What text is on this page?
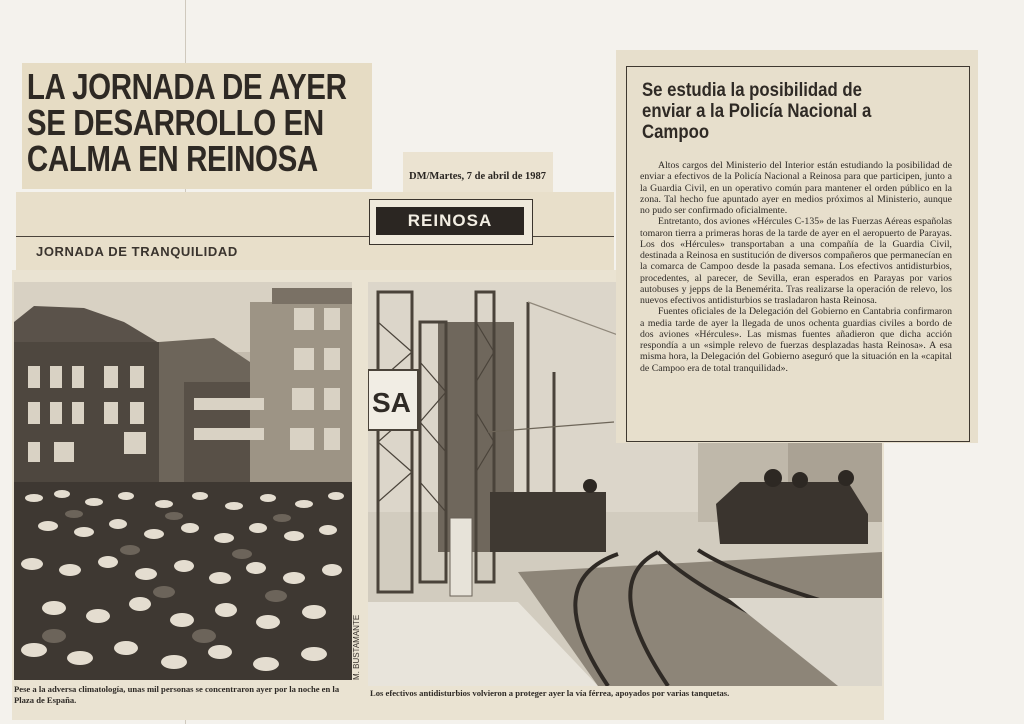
LA JORNADA DE AYER
SE DESARROLLO EN
CALMA EN REINOSA	DM/Martes, 7 de abril de 1987
REINOSA
JORNADA DE TRANQUILIDAD
SA
M. BUSTAMANTE
Pese a la adversa climatología, unas mil personas se concentraron ayer por la noche en la Plaza de España.
Los efectivos antidisturbios volvieron a proteger ayer la vía férrea, apoyados por varias tanquetas.
Se estudia la posibilidad de enviar a la Policía Nacional a Campoo

Altos cargos del Ministerio del Interior están estudiando la posibilidad de enviar a efectivos de la Policía Nacional a Reinosa para que participen, junto a la Guardia Civil, en un operativo común para mantener el orden público en la zona. Tal hecho fue apuntado ayer en medios próximos al Ministerio, aunque no pudo ser confirmado oficialmente.

Entretanto, dos aviones «Hércules C-135» de las Fuerzas Aéreas españolas tomaron tierra a primeras horas de la tarde de ayer en el aeropuerto de Parayas. Los dos «Hércules» transportaban a una compañía de la Guardia Civil, destinada a Reinosa en sustitución de diversos compañeros que permanecían en la comarca de Campoo desde la pasada semana. Los efectivos antidisturbios, procedentes, al parecer, de Sevilla, eran esperados en Parayas por varios autobuses y jepps de la Benemérita. Tras realizarse la operación de relevo, los nuevos efectivos antidisturbios se trasladaron hasta Reinosa.

Fuentes oficiales de la Delegación del Gobierno en Cantabria confirmaron a media tarde de ayer la llegada de unos ochenta guardias civiles a bordo de dos aviones «Hércules». Las mismas fuentes añadieron que dicha acción respondía a un «simple relevo de fuerzas desplazadas hasta Reinosa». A esa misma hora, la Delegación del Gobierno aseguró que la situación en la «capital de Campoo era de total tranquilidad».
